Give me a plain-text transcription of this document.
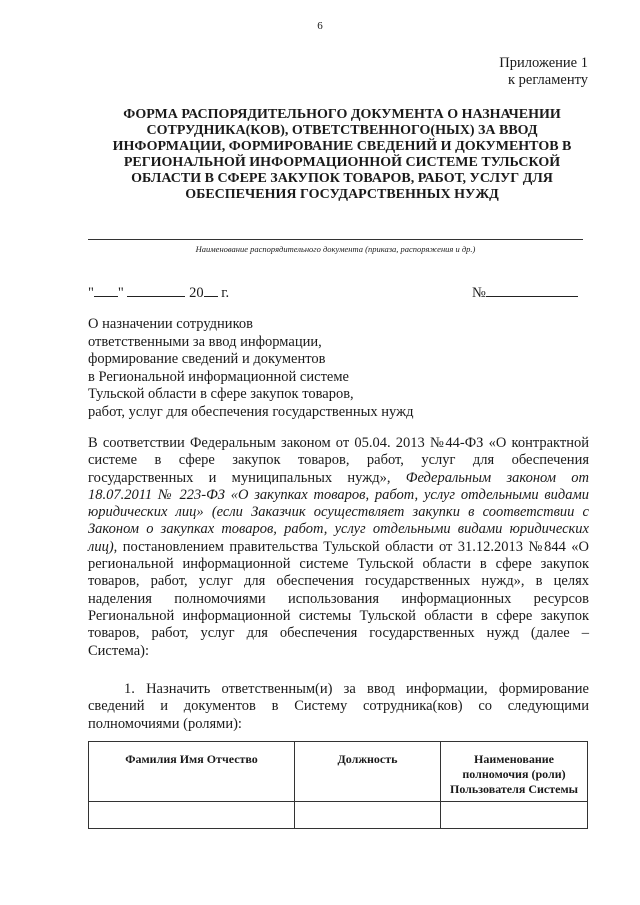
6
Приложение 1
к регламенту
ФОРМА РАСПОРЯДИТЕЛЬНОГО ДОКУМЕНТА О НАЗНАЧЕНИИ
СОТРУДНИКА(КОВ), ОТВЕТСТВЕННОГО(НЫХ) ЗА ВВОД
ИНФОРМАЦИИ, ФОРМИРОВАНИЕ СВЕДЕНИЙ И ДОКУМЕНТОВ В
РЕГИОНАЛЬНОЙ ИНФОРМАЦИОННОЙ СИСТЕМЕ ТУЛЬСКОЙ
ОБЛАСТИ В СФЕРЕ ЗАКУПОК ТОВАРОВ, РАБОТ, УСЛУГ ДЛЯ
ОБЕСПЕЧЕНИЯ ГОСУДАРСТВЕННЫХ НУЖД
Наименование распорядительного документа (приказа, распоряжения и др.)
" "	20 г.	№
О назначении сотрудников
ответственными за ввод информации,
формирование сведений и документов
в Региональной информационной системе
Тульской области в сфере закупок товаров,
работ, услуг для обеспечения государственных нужд
В соответствии Федеральным законом от 05.04. 2013 №44-ФЗ «О контрактной
системе в сфере закупок товаров, работ, услуг для обеспечения
государственных и муниципальных нужд», Федеральным законом от
18.07.2011 № 223-ФЗ «О закупках товаров, работ, услуг отдельными видами
юридических лиц» (если Заказчик осуществляет закупки в соответствии с
Законом о закупках товаров, работ, услуг отдельными видами юридических
лиц), постановлением правительства Тульской области от 31.12.2013 №844 «О
региональной информационной системе Тульской области в сфере закупок
товаров, работ, услуг для обеспечения государственных нужд», в целях
наделения полномочиями использования информационных ресурсов
Региональной информационной системы Тульской области в сфере закупок
товаров, работ, услуг для обеспечения государственных нужд (далее –
Система):
1. Назначить ответственным(и) за ввод информации, формирование
сведений и документов в Систему сотрудника(ков) со следующими
полномочиями (ролями):
Фамилия Имя Отчество	Должность	Наименование полномочия (роли) Пользователя Системы
